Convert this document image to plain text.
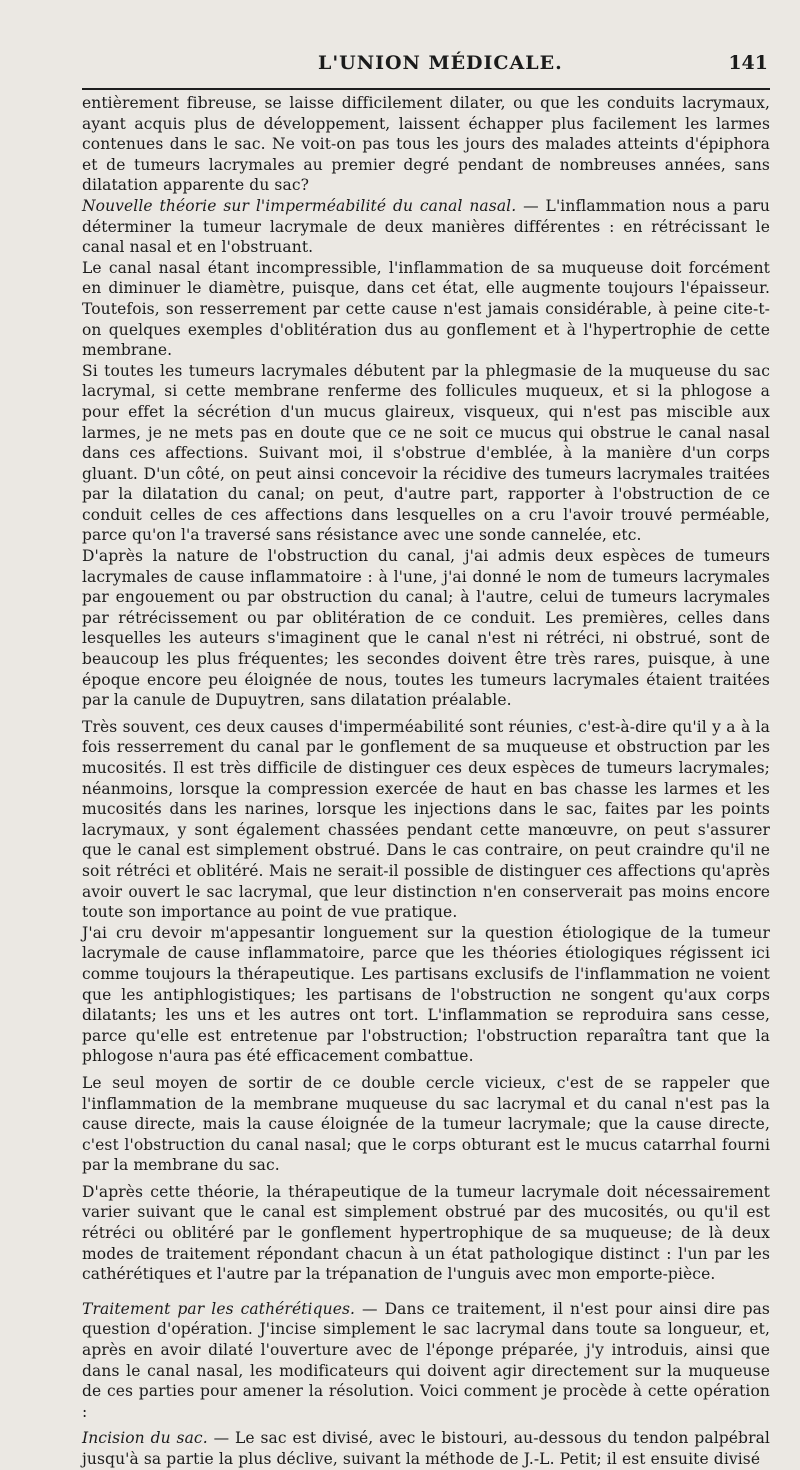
L'UNION MÉDICALE.	141

entièrement fibreuse, se laisse difficilement dilater, ou que les conduits lacrymaux, ayant acquis plus de développement, laissent échapper plus facilement les larmes contenues dans le sac. Ne voit-on pas tous les jours des malades atteints d'épiphora et de tumeurs lacrymales au premier degré pendant de nombreuses années, sans dilatation apparente du sac?

Nouvelle théorie sur l'imperméabilité du canal nasal. — L'inflammation nous a paru déterminer la tumeur lacrymale de deux manières différentes : en rétrécissant le canal nasal et en l'obstruant.

Le canal nasal étant incompressible, l'inflammation de sa muqueuse doit forcément en diminuer le diamètre, puisque, dans cet état, elle augmente toujours l'épaisseur. Toutefois, son resserrement par cette cause n'est jamais considérable, à peine cite-t-on quelques exemples d'oblitération dus au gonflement et à l'hypertrophie de cette membrane.

Si toutes les tumeurs lacrymales débutent par la phlegmasie de la muqueuse du sac lacrymal, si cette membrane renferme des follicules muqueux, et si la phlogose a pour effet la sécrétion d'un mucus glaireux, visqueux, qui n'est pas miscible aux larmes, je ne mets pas en doute que ce ne soit ce mucus qui obstrue le canal nasal dans ces affections. Suivant moi, il s'obstrue d'emblée, à la manière d'un corps gluant. D'un côté, on peut ainsi concevoir la récidive des tumeurs lacrymales traitées par la dilatation du canal; on peut, d'autre part, rapporter à l'obstruction de ce conduit celles de ces affections dans lesquelles on a cru l'avoir trouvé perméable, parce qu'on l'a traversé sans résistance avec une sonde cannelée, etc.

D'après la nature de l'obstruction du canal, j'ai admis deux espèces de tumeurs lacrymales de cause inflammatoire : à l'une, j'ai donné le nom de tumeurs lacrymales par engouement ou par obstruction du canal; à l'autre, celui de tumeurs lacrymales par rétrécissement ou par oblitération de ce conduit. Les premières, celles dans lesquelles les auteurs s'imaginent que le canal n'est ni rétréci, ni obstrué, sont de beaucoup les plus fréquentes; les secondes doivent être très rares, puisque, à une époque encore peu éloignée de nous, toutes les tumeurs lacrymales étaient traitées par la canule de Dupuytren, sans dilatation préalable.

Très souvent, ces deux causes d'imperméabilité sont réunies, c'est-à-dire qu'il y a à la fois resserrement du canal par le gonflement de sa muqueuse et obstruction par les mucosités. Il est très difficile de distinguer ces deux espèces de tumeurs lacrymales; néanmoins, lorsque la compression exercée de haut en bas chasse les larmes et les mucosités dans les narines, lorsque les injections dans le sac, faites par les points lacrymaux, y sont également chassées pendant cette manœuvre, on peut s'assurer que le canal est simplement obstrué. Dans le cas contraire, on peut craindre qu'il ne soit rétréci et oblitéré. Mais ne serait-il possible de distinguer ces affections qu'après avoir ouvert le sac lacrymal, que leur distinction n'en conserverait pas moins encore toute son importance au point de vue pratique.

J'ai cru devoir m'appesantir longuement sur la question étiologique de la tumeur lacrymale de cause inflammatoire, parce que les théories étiologiques régissent ici comme toujours la thérapeutique. Les partisans exclusifs de l'inflammation ne voient que les antiphlogistiques; les partisans de l'obstruction ne songent qu'aux corps dilatants; les uns et les autres ont tort. L'inflammation se reproduira sans cesse, parce qu'elle est entretenue par l'obstruction; l'obstruction reparaîtra tant que la phlogose n'aura pas été efficacement combattue.

Le seul moyen de sortir de ce double cercle vicieux, c'est de se rappeler que l'inflammation de la membrane muqueuse du sac lacrymal et du canal n'est pas la cause directe, mais la cause éloignée de la tumeur lacrymale; que la cause directe, c'est l'obstruction du canal nasal; que le corps obturant est le mucus catarrhal fourni par la membrane du sac.

D'après cette théorie, la thérapeutique de la tumeur lacrymale doit nécessairement varier suivant que le canal est simplement obstrué par des mucosités, ou qu'il est rétréci ou oblitéré par le gonflement hypertrophique de sa muqueuse; de là deux modes de traitement répondant chacun à un état pathologique distinct : l'un par les cathérétiques et l'autre par la trépanation de l'unguis avec mon emporte-pièce.

Traitement par les cathérétiques. — Dans ce traitement, il n'est pour ainsi dire pas question d'opération. J'incise simplement le sac lacrymal dans toute sa longueur, et, après en avoir dilaté l'ouverture avec de l'éponge préparée, j'y introduis, ainsi que dans le canal nasal, les modificateurs qui doivent agir directement sur la muqueuse de ces parties pour amener la résolution. Voici comment je procède à cette opération :

Incision du sac. — Le sac est divisé, avec le bistouri, au-dessous du tendon palpébral jusqu'à sa partie la plus déclive, suivant la méthode de J.-L. Petit; il est ensuite divisé
